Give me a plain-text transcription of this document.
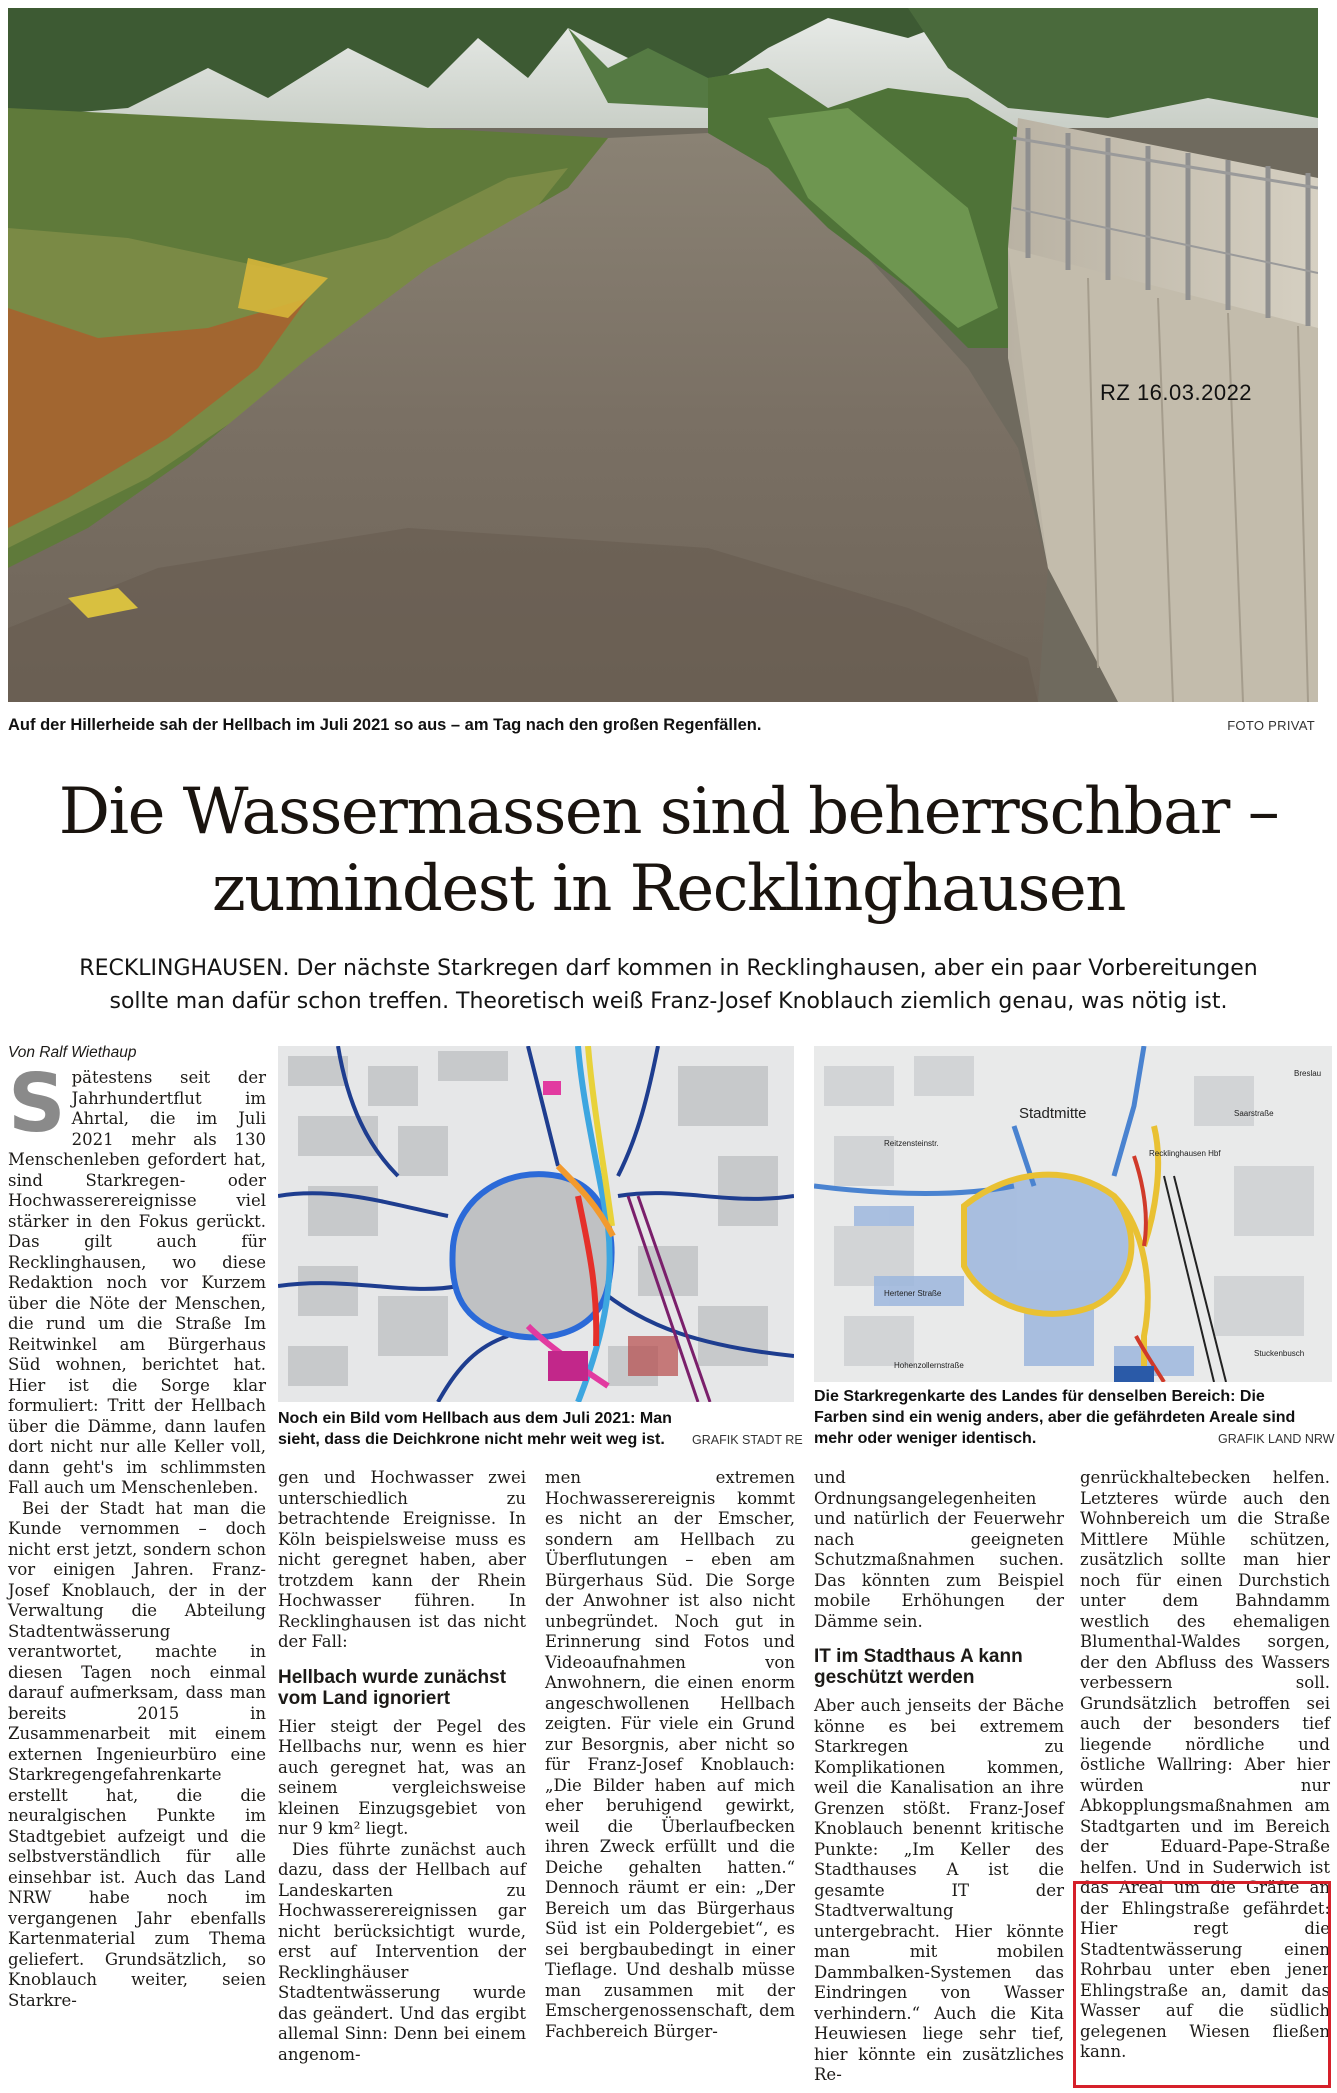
RZ 16.03.2022
Auf der Hillerheide sah der Hellbach im Juli 2021 so aus – am Tag nach den großen Regenfällen.	FOTO PRIVAT
Die Wassermassen sind beherrschbar –
zumindest in Recklinghausen

RECKLINGHAUSEN. Der nächste Starkregen darf kommen in Recklinghausen, aber ein paar Vorbereitungen
sollte man dafür schon treffen. Theoretisch weiß Franz-Josef Knoblauch ziemlich genau, was nötig ist.

Von Ralf Wiethaup

Spätestens seit der Jahrhundertflut im Ahrtal, die im Juli 2021 mehr als 130 Menschenleben gefordert hat, sind Starkregen- oder Hochwasserereignisse viel stärker in den Fokus gerückt. Das gilt auch für Recklinghausen, wo diese Redaktion noch vor Kurzem über die Nöte der Menschen, die rund um die Straße Im Reitwinkel am Bürgerhaus Süd wohnen, berichtet hat. Hier ist die Sorge klar formuliert: Tritt der Hellbach über die Dämme, dann laufen dort nicht nur alle Keller voll, dann geht's im schlimmsten Fall auch um Menschenleben.

Bei der Stadt hat man die Kunde vernommen – doch nicht erst jetzt, sondern schon vor einigen Jahren. Franz-Josef Knoblauch, der in der Verwaltung die Abteilung Stadtentwässerung verantwortet, machte in diesen Tagen noch einmal darauf aufmerksam, dass man bereits 2015 in Zusammenarbeit mit einem externen Ingenieurbüro eine Starkregengefahrenkarte erstellt hat, die die neuralgischen Punkte im Stadtgebiet aufzeigt und die selbstverständlich für alle einsehbar ist. Auch das Land NRW habe noch im vergangenen Jahr ebenfalls Kartenmaterial zum Thema geliefert. Grundsätzlich, so Knoblauch weiter, seien Starkre-

Noch ein Bild vom Hellbach aus dem Juli 2021: Man sieht, dass die Deichkrone nicht mehr weit weg ist.	GRAFIK STADT RE
Stadtmitte
Recklinghausen Hbf
Reitzensteinstr.
Hertener Straße
Hohenzollernstraße
Breslau
Saarstraße
Stuckenbusch
Die Starkregenkarte des Landes für denselben Bereich: Die Farben sind ein wenig anders, aber die gefährdeten Areale sind mehr oder weniger identisch.	GRAFIK LAND NRW

gen und Hochwasser zwei unterschiedlich zu betrachtende Ereignisse. In Köln beispielsweise muss es nicht geregnet haben, aber trotzdem kann der Rhein Hochwasser führen. In Recklinghausen ist das nicht der Fall:

Hellbach wurde zunächst vom Land ignoriert

Hier steigt der Pegel des Hellbachs nur, wenn es hier auch geregnet hat, was an seinem vergleichsweise kleinen Einzugsgebiet von nur 9 km² liegt.

Dies führte zunächst auch dazu, dass der Hellbach auf Landeskarten zu Hochwasserereignissen gar nicht berücksichtigt wurde, erst auf Intervention der Recklinghäuser Stadtentwässerung wurde das geändert. Und das ergibt allemal Sinn: Denn bei einem angenom-

men extremen Hochwasserereignis kommt es nicht an der Emscher, sondern am Hellbach zu Überflutungen – eben am Bürgerhaus Süd. Die Sorge der Anwohner ist also nicht unbegründet. Noch gut in Erinnerung sind Fotos und Videoaufnahmen von Anwohnern, die einen enorm angeschwollenen Hellbach zeigten. Für viele ein Grund zur Besorgnis, aber nicht so für Franz-Josef Knoblauch: „Die Bilder haben auf mich eher beruhigend gewirkt, weil die Überlaufbecken ihren Zweck erfüllt und die Deiche gehalten hatten.“ Dennoch räumt er ein: „Der Bereich um das Bürgerhaus Süd ist ein Poldergebiet“, es sei bergbaubedingt in einer Tieflage. Und deshalb müsse man zusammen mit der Emschergenossenschaft, dem Fachbereich Bürger-

und Ordnungsangelegenheiten und natürlich der Feuerwehr nach geeigneten Schutzmaßnahmen suchen. Das könnten zum Beispiel mobile Erhöhungen der Dämme sein.

IT im Stadthaus A kann geschützt werden

Aber auch jenseits der Bäche könne es bei extremem Starkregen zu Komplikationen kommen, weil die Kanalisation an ihre Grenzen stößt. Franz-Josef Knoblauch benennt kritische Punkte: „Im Keller des Stadthauses A ist die gesamte IT der Stadtverwaltung untergebracht. Hier könnte man mit mobilen Dammbalken-Systemen das Eindringen von Wasser verhindern.“ Auch die Kita Heuwiesen liege sehr tief, hier könnte ein zusätzliches Re-

genrückhaltebecken helfen. Letzteres würde auch den Wohnbereich um die Straße Mittlere Mühle schützen, zusätzlich sollte man hier noch für einen Durchstich unter dem Bahndamm westlich des ehemaligen Blumenthal-Waldes sorgen, der den Abfluss des Wassers verbessern soll. Grundsätzlich betroffen sei auch der besonders tief liegende nördliche und östliche Wallring: Aber hier würden nur Abkopplungsmaßnahmen am Stadtgarten und im Bereich der Eduard-Pape-Straße helfen. Und in Suderwich ist das Areal um die Gräfte an der Ehlingstraße gefährdet: Hier regt die Stadtentwässerung einen Rohrbau unter eben jener Ehlingstraße an, damit das Wasser auf die südlich gelegenen Wiesen fließen kann.
